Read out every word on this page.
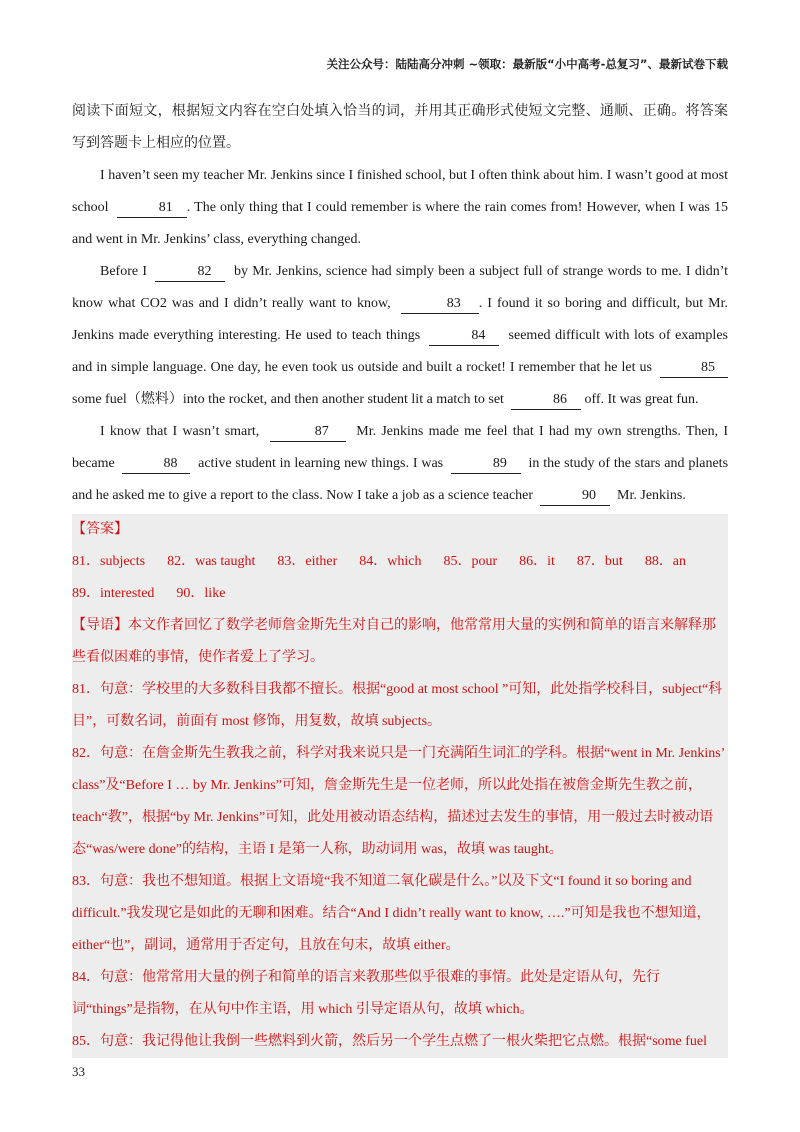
关注公众号：陆陆高分冲刺 ~领取：最新版“小中高考-总复习”、最新试卷下载

阅读下面短文，根据短文内容在空白处填入恰当的词，并用其正确形式使短文完整、通顺、正确。将答案写到答题卡上相应的位置。

I haven’t seen my teacher Mr. Jenkins since I finished school, but I often think about him. I wasn’t good at most school	81 . The only thing that I could remember is where the rain comes from! However, when I was 15 and went in Mr. Jenkins’ class, everything changed.

Before I	82 by Mr. Jenkins, science had simply been a subject full of strange words to me. I didn’t know what CO2 was and I didn’t really want to know,	83 . I found it so boring and difficult, but Mr. Jenkins made everything interesting. He used to teach things	84 seemed difficult with lots of examples and in simple language. One day, he even took us outside and built a rocket! I remember that he let us	85 some fuel（燃料）into the rocket, and then another student lit a match to set	86 off. It was great fun.

I know that I wasn’t smart,	87 Mr. Jenkins made me feel that I had my own strengths. Then, I became	88 active student in learning new things. I was	89 in the study of the stars and planets and he asked me to give a report to the class. Now I take a job as a science teacher	90 Mr. Jenkins.

【答案】

81．subjects 82．was taught 83．either 84．which 85．pour 86．it 87．but 88．an89．interested 90．like

【导语】本文作者回忆了数学老师詹金斯先生对自己的影响，他常常用大量的实例和简单的语言来解释那些看似困难的事情，使作者爱上了学习。

81．句意：学校里的大多数科目我都不擅长。根据“good at most school ”可知，此处指学校科目，subject“科目”，可数名词，前面有 most 修饰，用复数，故填 subjects。

82．句意：在詹金斯先生教我之前，科学对我来说只是一门充满陌生词汇的学科。根据“went in Mr. Jenkins’ class”及“Before I … by Mr. Jenkins”可知，詹金斯先生是一位老师，所以此处指在被詹金斯先生教之前，teach“教”，根据“by Mr. Jenkins”可知，此处用被动语态结构，描述过去发生的事情，用一般过去时被动语态“was/were done”的结构，主语 I 是第一人称，助动词用 was，故填 was taught。

83．句意：我也不想知道。根据上文语境“我不知道二氧化碳是什么。”以及下文“I found it so boring and difficult.”我发现它是如此的无聊和困难。结合“And I didn’t really want to know, ….”可知是我也不想知道，either“也”，副词，通常用于否定句，且放在句末，故填 either。

84．句意：他常常用大量的例子和简单的语言来教那些似乎很难的事情。此处是定语从句，先行词“things”是指物，在从句中作主语，用 which 引导定语从句，故填 which。

85．句意：我记得他让我倒一些燃料到火箭，然后另一个学生点燃了一根火柴把它点燃。根据“some fuel

33
